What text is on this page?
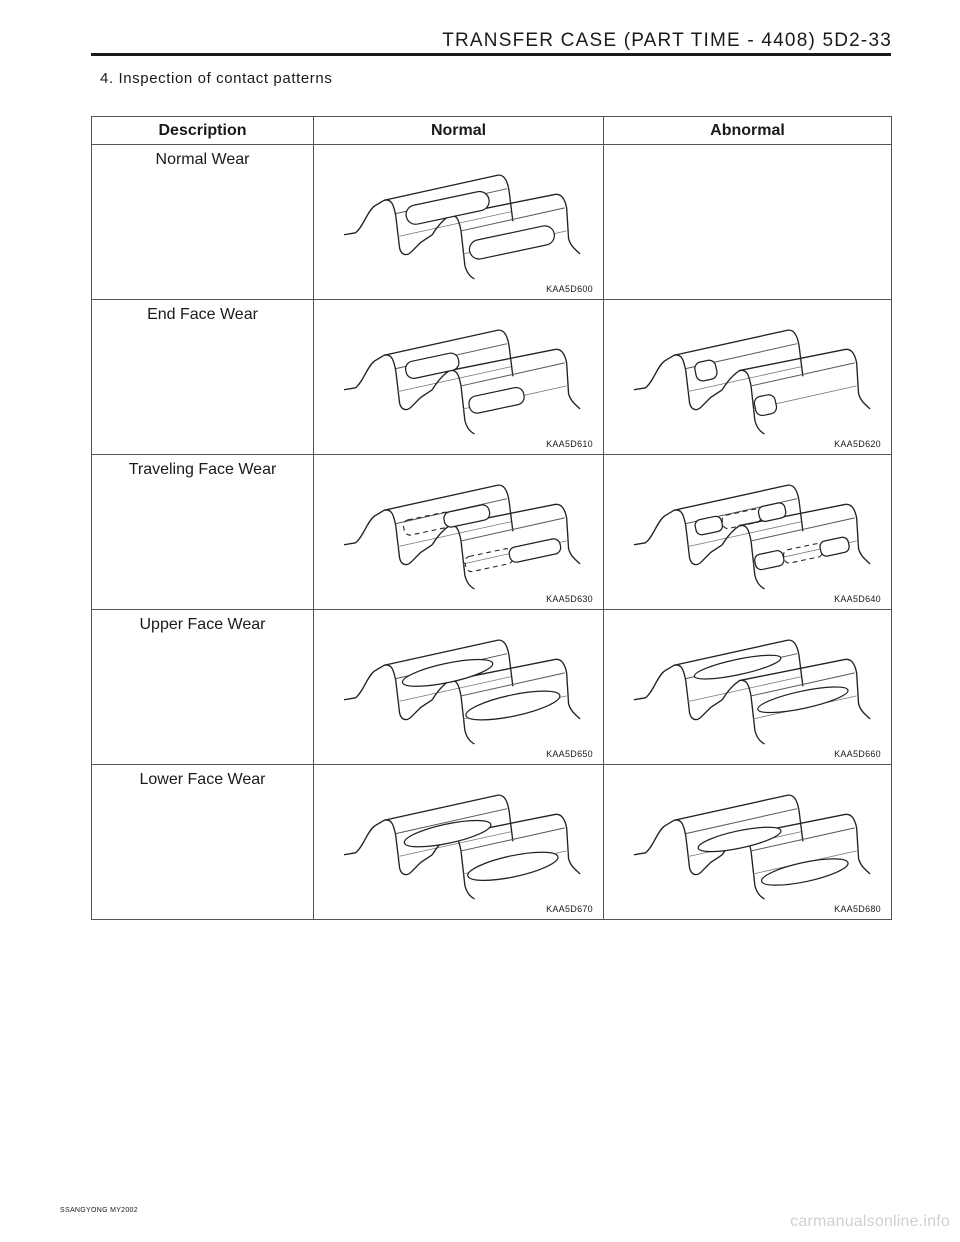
TRANSFER CASE (PART TIME - 4408) 5D2-33
4. Inspection of contact patterns
Description	Normal	Abnormal

Normal Wear	KAA5D600	

End Face Wear	KAA5D610	KAA5D620

Traveling Face Wear	KAA5D630	KAA5D640

Upper Face Wear	KAA5D650	KAA5D660

Lower Face Wear	KAA5D670	KAA5D680
SSANGYONG MY2002
carmanualsonline.info
